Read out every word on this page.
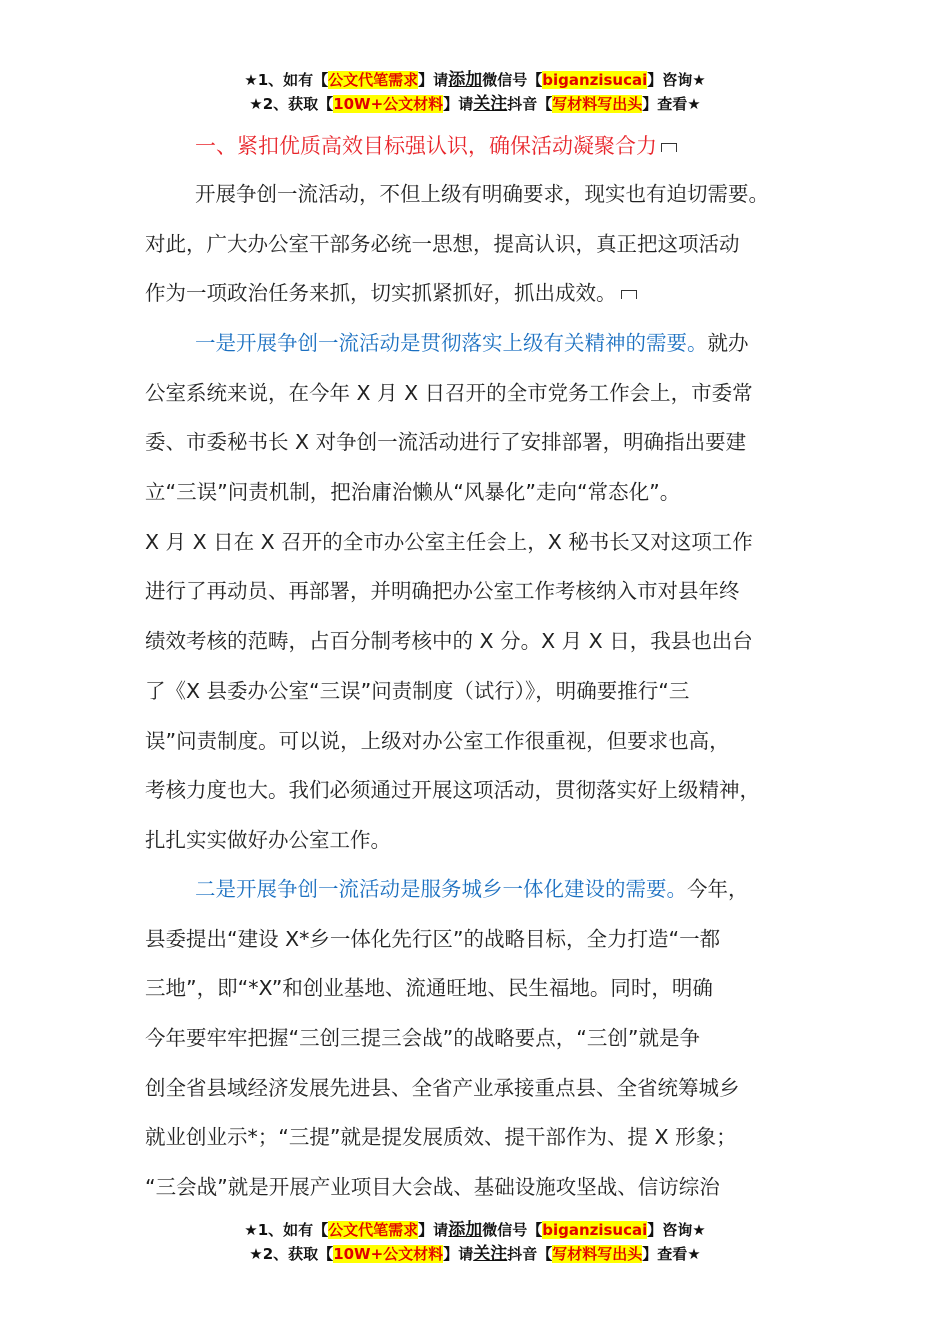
★1、如有【公文代笔需求】请添加微信号【biganzisucai】咨询★
★2、获取【10W+公文材料】请关注抖音【写材料写出头】查看★
一、紧扣优质高效目标强认识，确保活动凝聚合力
开展争创一流活动，不但上级有明确要求，现实也有迫切需要。
对此，广大办公室干部务必统一思想，提高认识，真正把这项活动
作为一项政治任务来抓，切实抓紧抓好，抓出成效。
一是开展争创一流活动是贯彻落实上级有关精神的需要。就办
公室系统来说，在今年 X 月 X 日召开的全市党务工作会上，市委常
委、市委秘书长 X 对争创一流活动进行了安排部署，明确指出要建
立“三误”问责机制，把治庸治懒从“风暴化”走向“常态化”。
X 月 X 日在 X 召开的全市办公室主任会上，X 秘书长又对这项工作
进行了再动员、再部署，并明确把办公室工作考核纳入市对县年终
绩效考核的范畴，占百分制考核中的 X 分。X 月 X 日，我县也出台
了《X 县委办公室“三误”问责制度（试行）》，明确要推行“三
误”问责制度。可以说，上级对办公室工作很重视，但要求也高，
考核力度也大。我们必须通过开展这项活动，贯彻落实好上级精神，
扎扎实实做好办公室工作。
二是开展争创一流活动是服务城乡一体化建设的需要。今年，
县委提出“建设 X*乡一体化先行区”的战略目标，全力打造“一都
三地”，即“*X”和创业基地、流通旺地、民生福地。同时，明确
今年要牢牢把握“三创三提三会战”的战略要点，“三创”就是争
创全省县域经济发展先进县、全省产业承接重点县、全省统筹城乡
就业创业示*；“三提”就是提发展质效、提干部作为、提 X 形象；
“三会战”就是开展产业项目大会战、基础设施攻坚战、信访综治
★1、如有【公文代笔需求】请添加微信号【biganzisucai】咨询★
★2、获取【10W+公文材料】请关注抖音【写材料写出头】查看★
